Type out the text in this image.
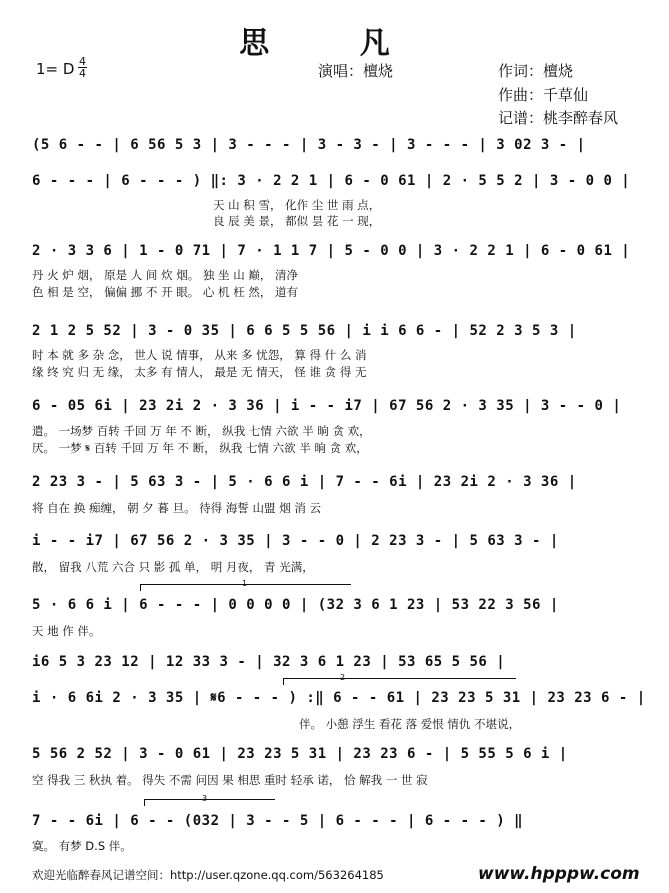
思 凡
1= D 4
4	演唱：檀烧	作词：檀烧
作曲：千草仙
记谱：桃李醉春风
(5 6 - - | 6 56 5 3 | 3 - - - | 3 - 3 - | 3 - - - | 3 02 3 - |
6 - - - | 6 - - - ) ‖: 3 · 2 2 1 | 6 - 0 61 | 2 · 5 5 2 | 3 - 0 0 |
天 山 积 雪， 化作 尘 世 雨 点，
良 辰 美 景， 都似 昙 花 一 现，
2 · 3 3 6 | 1 - 0 71 | 7 · 1 1 7 | 5 - 0 0 | 3 · 2 2 1 | 6 - 0 61 |
丹 火 炉 烟， 原是 人 间 炊 烟。 独 坐 山 巅， 清净
色 相 是 空， 偏偏 挪 不 开 眼。 心 机 枉 然， 道有
2 1 2 5 52 | 3 - 0 35 | 6 6 5 5 56 | i i 6 6 - | 52 2 3 5 3 |
时 本 就 多 杂 念， 世人 说 情事， 从来 多 忧怨， 算 得 什 么 消
缘 终 究 归 无 缘， 太多 有 情人， 最是 无 情天， 怪 谁 贪 得 无
6 - 05 6i | 23 2i 2 · 3 36 | i - - i7 | 67 56 2 · 3 35 | 3 - - 0 |
遣。 一场梦 百转 千回 万 年 不 断， 纵我 七情 六欲 半 晌 贪 欢，
厌。 一梦 𝄋 百转 千回 万 年 不 断， 纵我 七情 六欲 半 晌 贪 欢，
2 23 3 - | 5 63 3 - | 5 · 6 6 i | 7 - - 6i | 23 2i 2 · 3 36 |
将 自在 换 痴缠， 朝 夕 暮 旦。 待得 海誓 山盟 烟 消 云
i - - i7 | 67 56 2 · 3 35 | 3 - - 0 | 2 23 3 - | 5 63 3 - |
散， 留我 八荒 六合 只 影 孤 单， 明 月夜， 青 光满，
1
5 · 6 6 i | 6 - - - | 0 0 0 0 | (32 3 6 1 23 | 53 22 3 56 |
天 地 作 伴。
i6 5 3 23 12 | 12 33 3 - | 32 3 6 1 23 | 53 65 5 56 |
2
i · 6 6i 2 · 3 35 | 𝄋6 - - - ) :‖ 6 - - 61 | 23 23 5 31 | 23 23 6 - |
伴。 小憩 浮生 看花 落 爱恨 情仇 不堪说，
5 56 2 52 | 3 - 0 61 | 23 23 5 31 | 23 23 6 - | 5 55 5 6 i |
空 得我 三 秋执 着。 得失 不需 问因 果 相思 重时 轻承 诺， 恰 解我 一 世 寂
3
7 - - 6i | 6 - - (032 | 3 - - 5 | 6 - - - | 6 - - - ) ‖
寞。 有梦 D.S 伴。
欢迎光临醉春风记谱空间：http://user.qzone.qq.com/563264185	www.hpppw.com
